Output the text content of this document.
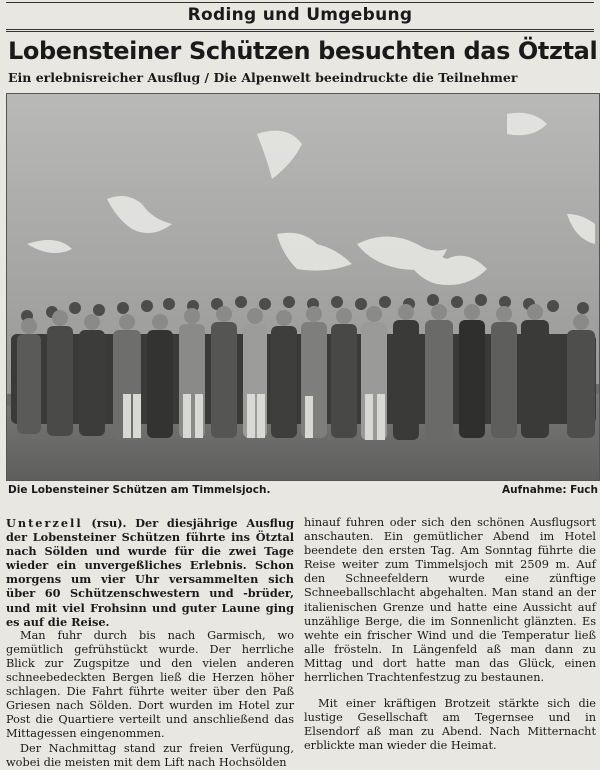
Roding und Umgebung
Lobensteiner Schützen besuchten das Ötztal
Ein erlebnisreicher Ausflug / Die Alpenwelt beeindruckte die Teilnehmer
Die Lobensteiner Schützen am Timmelsjoch.	Aufnahme: Fuch

Unterzell (rsu). Der diesjährige Ausflug der Lobensteiner Schützen führte ins Ötztal nach Sölden und wurde für die zwei Tage wieder ein unvergeßliches Erlebnis. Schon morgens um vier Uhr versammelten sich über 60 Schützenschwestern und -brüder, und mit viel Frohsinn und guter Laune ging es auf die Reise.

Man fuhr durch bis nach Garmisch, wo gemütlich gefrühstückt wurde. Der herrliche Blick zur Zugspitze und den vielen anderen schneebedeckten Bergen ließ die Herzen höher schlagen. Die Fahrt führte weiter über den Paß Griesen nach Sölden. Dort wurden im Hotel zur Post die Quartiere verteilt und anschließend das Mittagessen eingenommen.

Der Nachmittag stand zur freien Verfügung, wobei die meisten mit dem Lift nach Hochsölden

hinauf fuhren oder sich den schönen Ausflugsort anschauten. Ein gemütlicher Abend im Hotel beendete den ersten Tag. Am Sonntag führte die Reise weiter zum Timmelsjoch mit 2509 m. Auf den Schneefeldern wurde eine zünftige Schneeballschlacht abgehalten. Man stand an der italienischen Grenze und hatte eine Aussicht auf unzählige Berge, die im Sonnenlicht glänzten. Es wehte ein frischer Wind und die Temperatur ließ alle frösteln. In Längenfeld aß man dann zu Mittag und dort hatte man das Glück, einen herrlichen Trachtenfestzug zu bestaunen.

Mit einer kräftigen Brotzeit stärkte sich die lustige Gesellschaft am Tegernsee und in Elsendorf aß man zu Abend. Nach Mitternacht erblickte man wieder die Heimat.
